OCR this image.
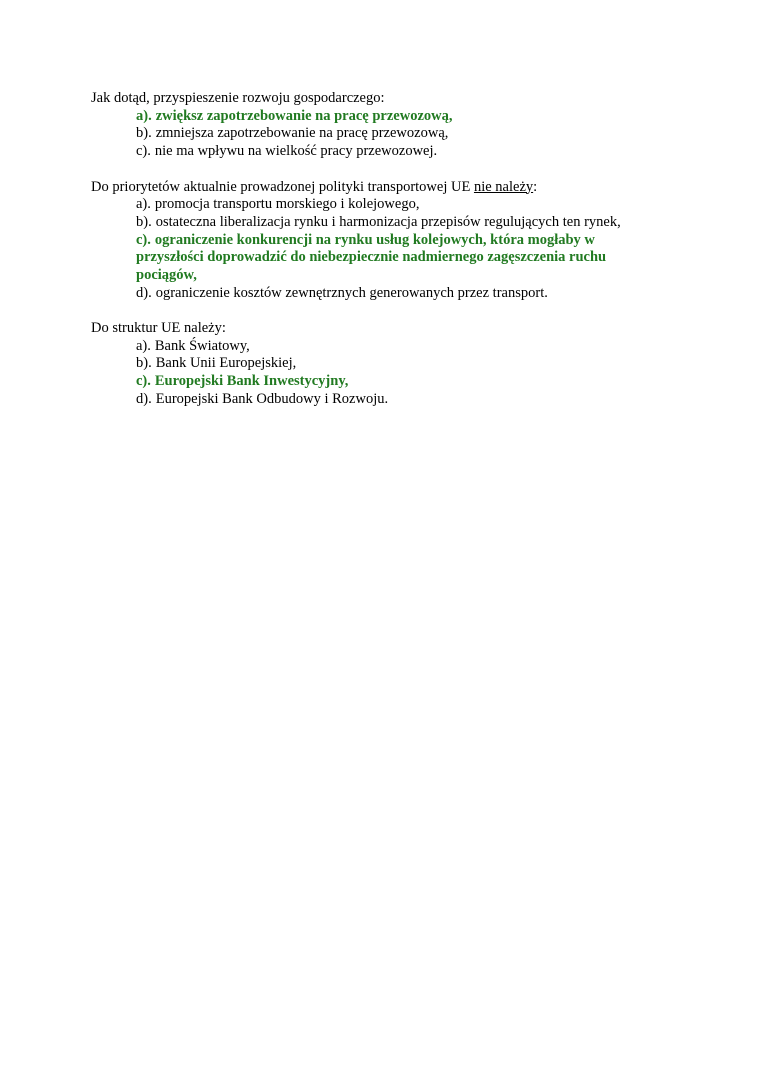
Jak dotąd, przyspieszenie rozwoju gospodarczego:

a). zwiększ zapotrzebowanie na pracę przewozową,

b). zmniejsza zapotrzebowanie na pracę przewozową,

c). nie ma wpływu na wielkość pracy przewozowej.

Do priorytetów aktualnie prowadzonej polityki transportowej UE nie należy:

a). promocja transportu morskiego i kolejowego,

b). ostateczna liberalizacja rynku i harmonizacja przepisów regulujących ten rynek,

c). ograniczenie konkurencji na rynku usług kolejowych, która mogłaby w przyszłości doprowadzić do niebezpiecznie nadmiernego zagęszczenia ruchu pociągów,

d). ograniczenie kosztów zewnętrznych generowanych przez transport.

Do struktur UE należy:

a). Bank Światowy,

b). Bank Unii Europejskiej,

c). Europejski Bank Inwestycyjny,

d). Europejski Bank Odbudowy i Rozwoju.
